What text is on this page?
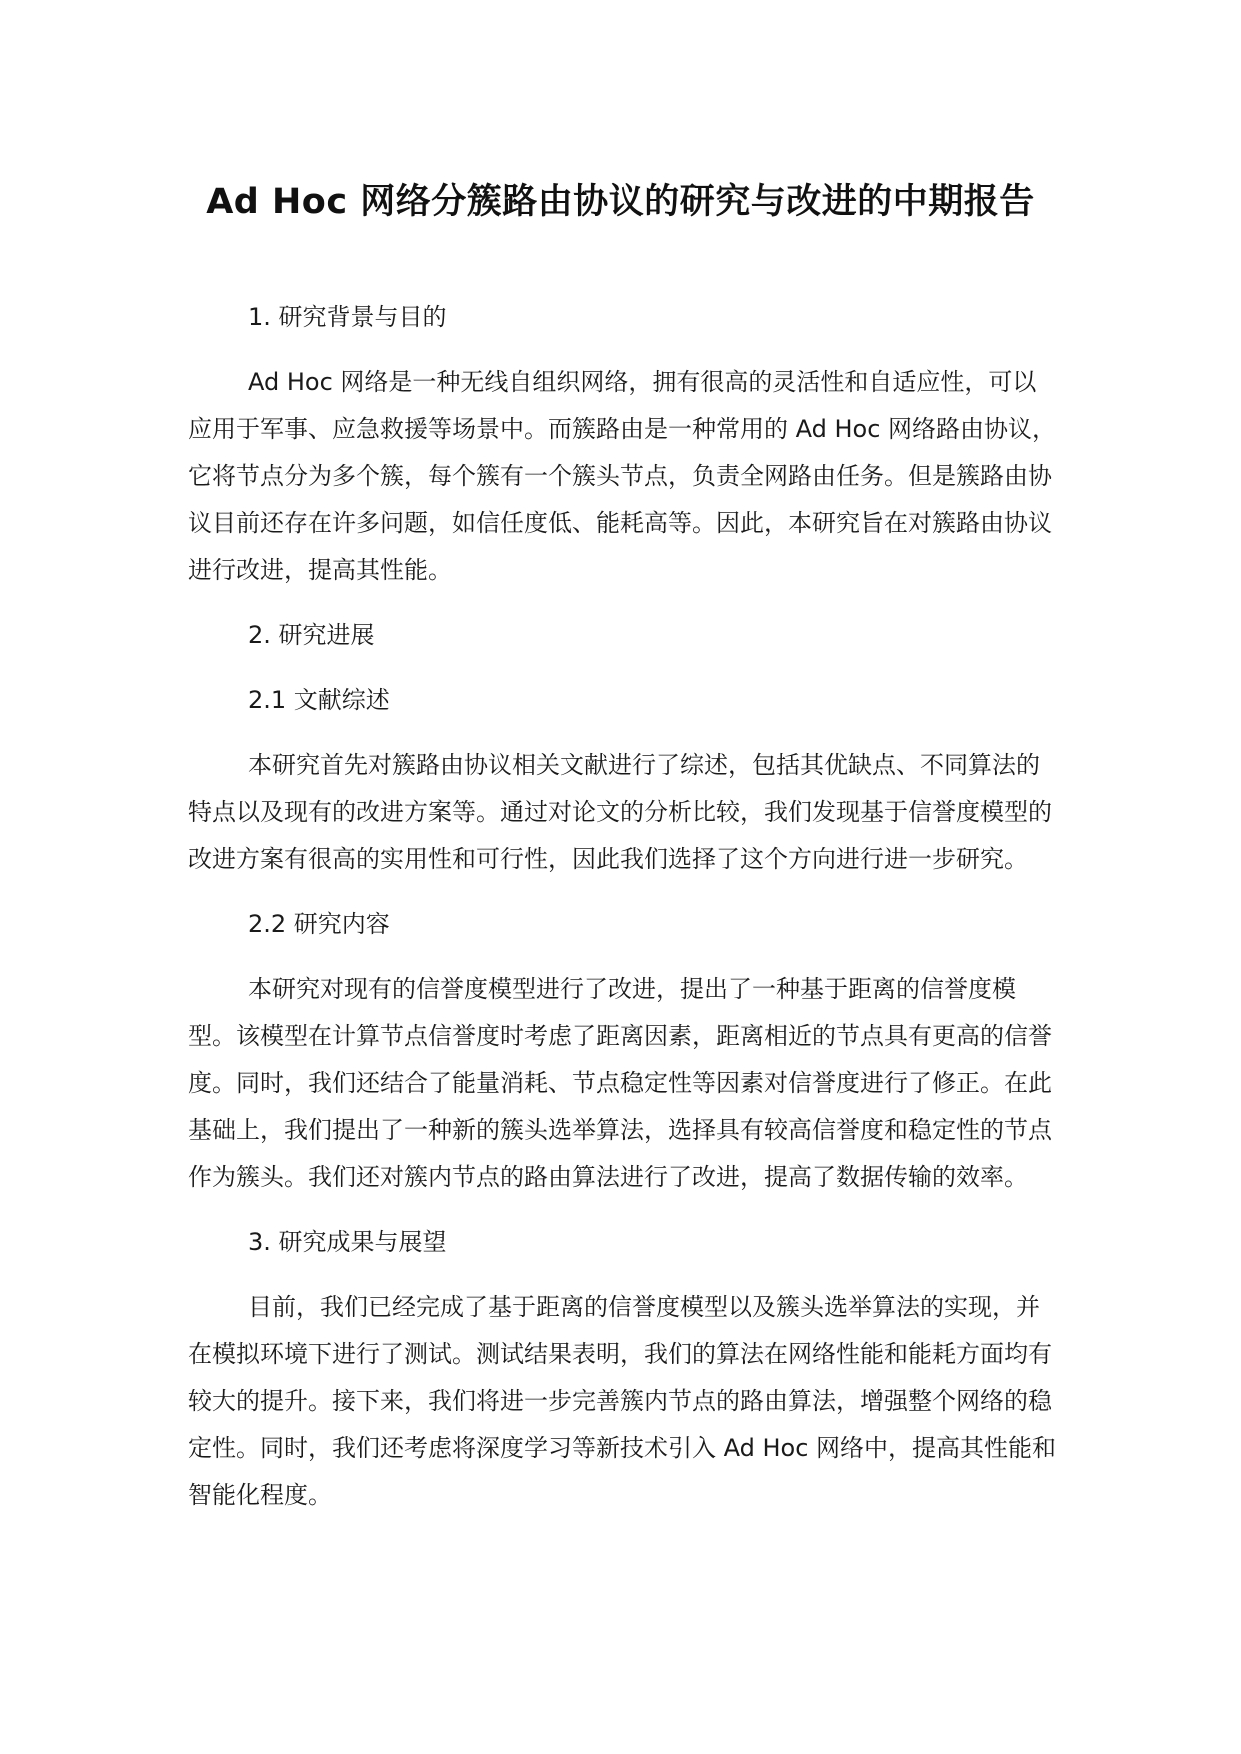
Ad Hoc 网络分簇路由协议的研究与改进的中期报告
1. 研究背景与目的

Ad Hoc 网络是一种无线自组织网络，拥有很高的灵活性和自适应性，可以应用于军事、应急救援等场景中。而簇路由是一种常用的 Ad Hoc 网络路由协议，它将节点分为多个簇，每个簇有一个簇头节点，负责全网路由任务。但是簇路由协议目前还存在许多问题，如信任度低、能耗高等。因此，本研究旨在对簇路由协议进行改进，提高其性能。

2. 研究进展
2.1 文献综述

本研究首先对簇路由协议相关文献进行了综述，包括其优缺点、不同算法的特点以及现有的改进方案等。通过对论文的分析比较，我们发现基于信誉度模型的改进方案有很高的实用性和可行性，因此我们选择了这个方向进行进一步研究。

2.2 研究内容

本研究对现有的信誉度模型进行了改进，提出了一种基于距离的信誉度模型。该模型在计算节点信誉度时考虑了距离因素，距离相近的节点具有更高的信誉度。同时，我们还结合了能量消耗、节点稳定性等因素对信誉度进行了修正。在此基础上，我们提出了一种新的簇头选举算法，选择具有较高信誉度和稳定性的节点作为簇头。我们还对簇内节点的路由算法进行了改进，提高了数据传输的效率。

3. 研究成果与展望

目前，我们已经完成了基于距离的信誉度模型以及簇头选举算法的实现，并在模拟环境下进行了测试。测试结果表明，我们的算法在网络性能和能耗方面均有较大的提升。接下来，我们将进一步完善簇内节点的路由算法，增强整个网络的稳定性。同时，我们还考虑将深度学习等新技术引入 Ad Hoc 网络中，提高其性能和智能化程度。
